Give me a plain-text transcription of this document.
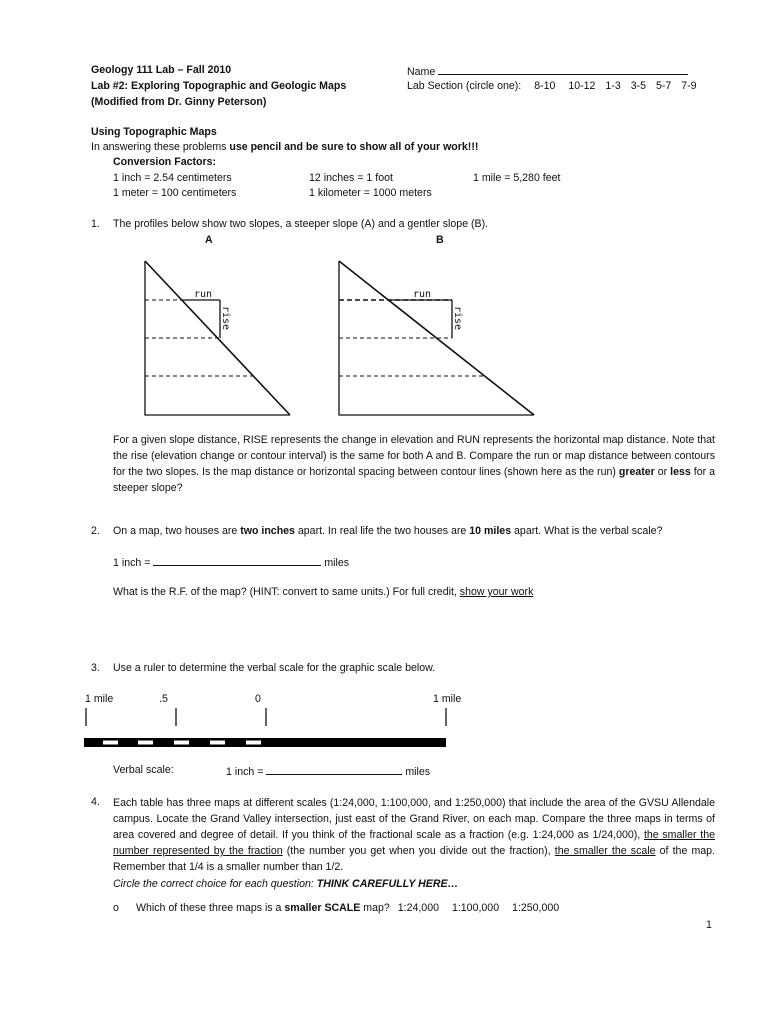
Geology 111 Lab – Fall 2010
Lab #2: Exploring Topographic and Geologic Maps
(Modified from Dr. Ginny Peterson)
Name
Lab Section (circle one): 8-10 10-12 1-3 3-5 5-7 7-9
Using Topographic Maps
In answering these problems use pencil and be sure to show all of your work!!!
Conversion Factors:
1 inch = 2.54 centimeters	12 inches = 1 foot	1 mile = 5,280 feet
1 meter = 100 centimeters	1 kilometer = 1000 meters
1. The profiles below show two slopes, a steeper slope (A) and a gentler slope (B).
A	B
run
rise
run
rise
For a given slope distance, RISE represents the change in elevation and RUN represents the horizontal map distance. Note that the rise (elevation change or contour interval) is the same for both A and B. Compare the run or map distance between contours for the two slopes. Is the map distance or horizontal spacing between contour lines (shown here as the run) greater or less for a steeper slope?
2. On a map, two houses are two inches apart. In real life the two houses are 10 miles apart. What is the verbal scale?
1 inch =	miles
What is the R.F. of the map? (HINT: convert to same units.) For full credit, show your work
3. Use a ruler to determine the verbal scale for the graphic scale below.
1 mile	.5	0	1 mile
Verbal scale:	1 inch =	miles
4. Each table has three maps at different scales (1:24,000, 1:100,000, and 1:250,000) that include the area of the GVSU Allendale campus. Locate the Grand Valley intersection, just east of the Grand River, on each map. Compare the three maps in terms of area covered and degree of detail. If you think of the fractional scale as a fraction (e.g. 1:24,000 as 1/24,000), the smaller the number represented by the fraction (the number you get when you divide out the fraction), the smaller the scale of the map. Remember that 1/4 is a smaller number than 1/2.
Circle the correct choice for each question: THINK CAREFULLY HERE…
o Which of these three maps is a smaller SCALE map? 1:24,000 1:100,000 1:250,000
1
